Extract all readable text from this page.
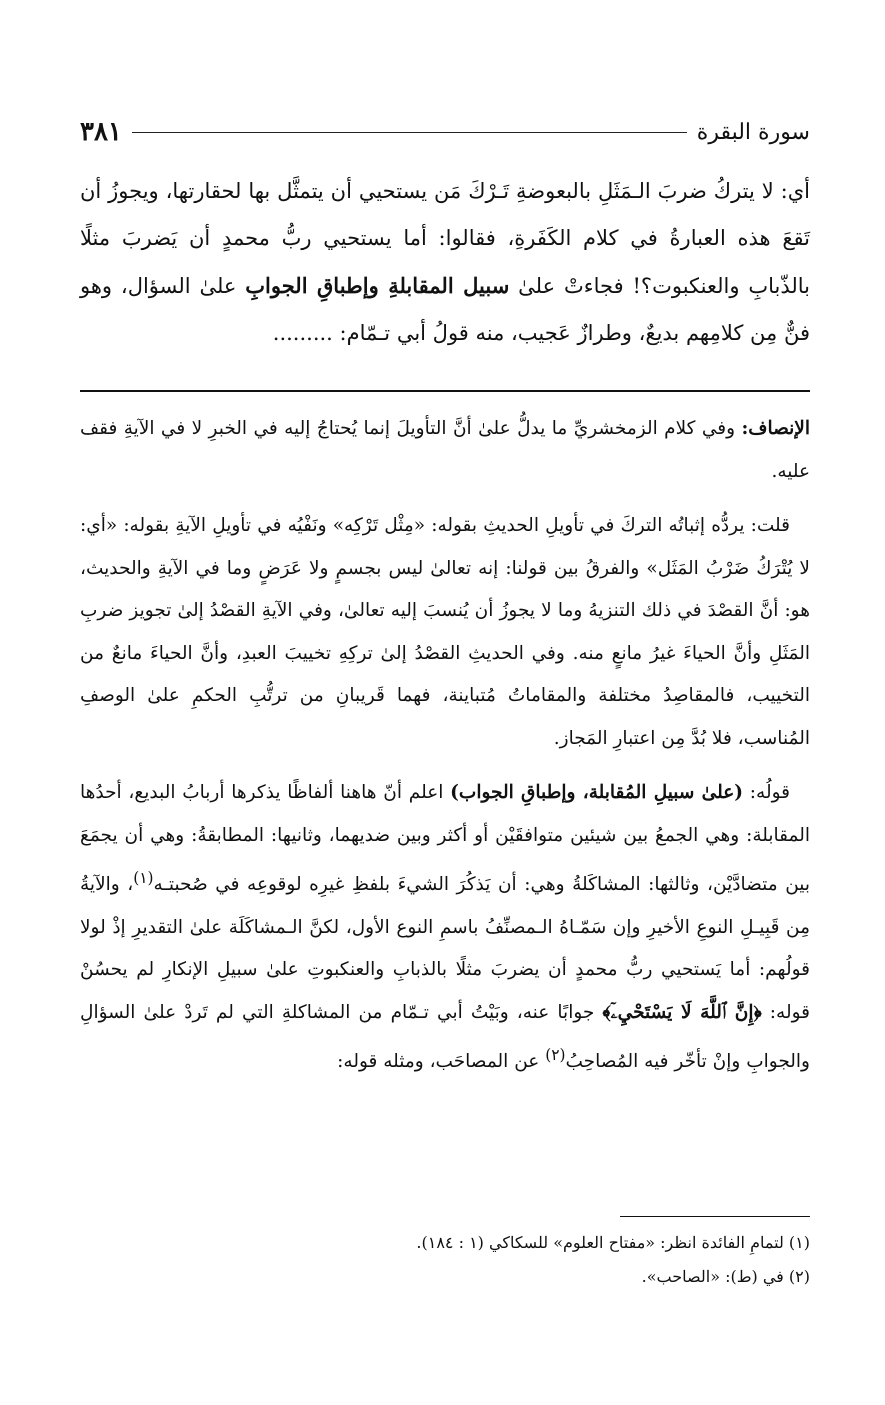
سورة البقرة
٣٨١
أي: لا يتركُ ضربَ الـمَثَلِ بالبعوضةِ تَـرْكَ مَن يستحيي أن يتمثَّل بها لحقارتها، ويجوزُ أن تَقعَ هذه العبارةُ في كلام الكَفَرةِ، فقالوا: أما يستحيي ربُّ محمدٍ أن يَضربَ مثلًا بالذّبابِ والعنكبوت؟! فجاءتْ علىٰ سبيل المقابلةِ وإطباقِ الجوابِ علىٰ السؤال، وهو فنٌّ مِن كلامِهم بديعٌ، وطرازٌ عَجيب، منه قولُ أبي تـمّام: .........

الإنصاف: وفي كلام الزمخشريِّ ما يدلُّ علىٰ أنَّ التأويلَ إنما يُحتاجُ إليه في الخبرِ لا في الآيةِ فقف عليه.

قلت: يردُّه إثباتُه التركَ في تأويلِ الحديثِ بقوله: «مِثْل تَرْكِه» ونَفْيُه في تأويلِ الآيةِ بقوله: «أي: لا يُتْرَكُ ضَرْبُ المَثَل» والفرقُ بين قولنا: إنه تعالىٰ ليس بجسمٍ ولا عَرَضٍ وما في الآيةِ والحديث، هو: أنَّ القصْدَ في ذلك التنزيهُ وما لا يجوزُ أن يُنسبَ إليه تعالىٰ، وفي الآيةِ القصْدُ إلىٰ تجويز ضربِ المَثَلِ وأنَّ الحياءَ غيرُ مانعٍ منه. وفي الحديثِ القصْدُ إلىٰ تركِهِ تخييبَ العبدِ، وأنَّ الحياءَ مانعٌ من التخييب، فالمقاصِدُ مختلفة والمقاماتُ مُتباينة، فهما قَريبانِ من ترتُّبِ الحكمِ علىٰ الوصفِ المُناسب، فلا بُدَّ مِن اعتبارِ المَجاز.

قولُه: (علىٰ سبيلِ المُقابلة، وإطباقِ الجواب) اعلم أنّ هاهنا ألفاظًا يذكرها أربابُ البديع، أحدُها المقابلة: وهي الجمعُ بين شيئين متوافقَيْن أو أكثر وبين ضديهما، وثانيها: المطابقةُ: وهي أن يجمَعَ بين متضادَّيْن، وثالثها: المشاكَلةُ وهي: أن يَذكُرَ الشيءَ بلفظِ غيرِه لوقوعِه في صُحبتـه$^{(١)}$، والآيةُ مِن قَبِيـلِ النوعِ الأخيرِ وإن سَمّـاهُ الـمصنِّفُ باسمِ النوع الأول، لكنَّ الـمشاكَلَة علىٰ التقديرِ إذْ لولا قولُهم: أما يَستحيي ربُّ محمدٍ أن يضربَ مثلًا بالذبابِ والعنكبوتِ علىٰ سبيلِ الإنكارِ لم يحسُنْ قوله: ﴿إِنَّ ٱللَّهَ لَا يَسْتَحْيِۦٓ﴾ جوابًا عنه، وبَيْتُ أبي تـمّام من المشاكلةِ التي لم تَردْ علىٰ السؤالِ والجوابِ وإنْ تأخّر فيه المُصاحِبُ$^{(٢)}$ عن المصاحَب، ومثله قوله:

(١) لتمامِ الفائدة انظر: «مفتاح العلوم» للسكاكي (١ : ١٨٤).
(٢) في (ط): «الصاحب».
